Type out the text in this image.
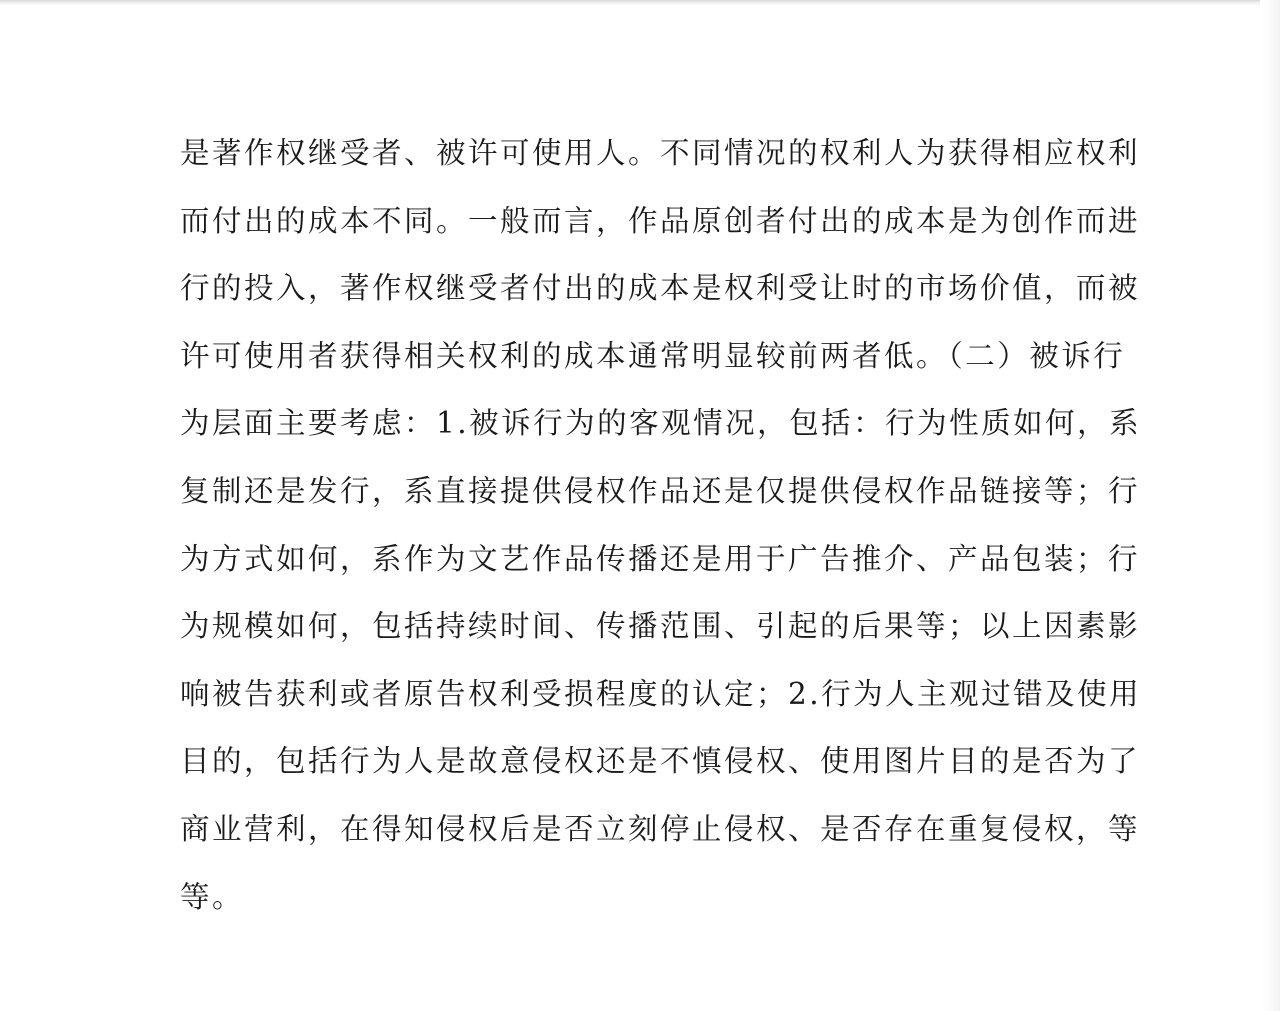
是著作权继受者、被许可使用人。不同情况的权利人为获得相应权利
而付出的成本不同。一般而言，作品原创者付出的成本是为创作而进
行的投入，著作权继受者付出的成本是权利受让时的市场价值，而被
许可使用者获得相关权利的成本通常明显较前两者低。（二）被诉行
为层面主要考虑：1.被诉行为的客观情况，包括：行为性质如何，系
复制还是发行，系直接提供侵权作品还是仅提供侵权作品链接等；行
为方式如何，系作为文艺作品传播还是用于广告推介、产品包装；行
为规模如何，包括持续时间、传播范围、引起的后果等；以上因素影
响被告获利或者原告权利受损程度的认定；2.行为人主观过错及使用
目的，包括行为人是故意侵权还是不慎侵权、使用图片目的是否为了
商业营利，在得知侵权后是否立刻停止侵权、是否存在重复侵权，等
等。
